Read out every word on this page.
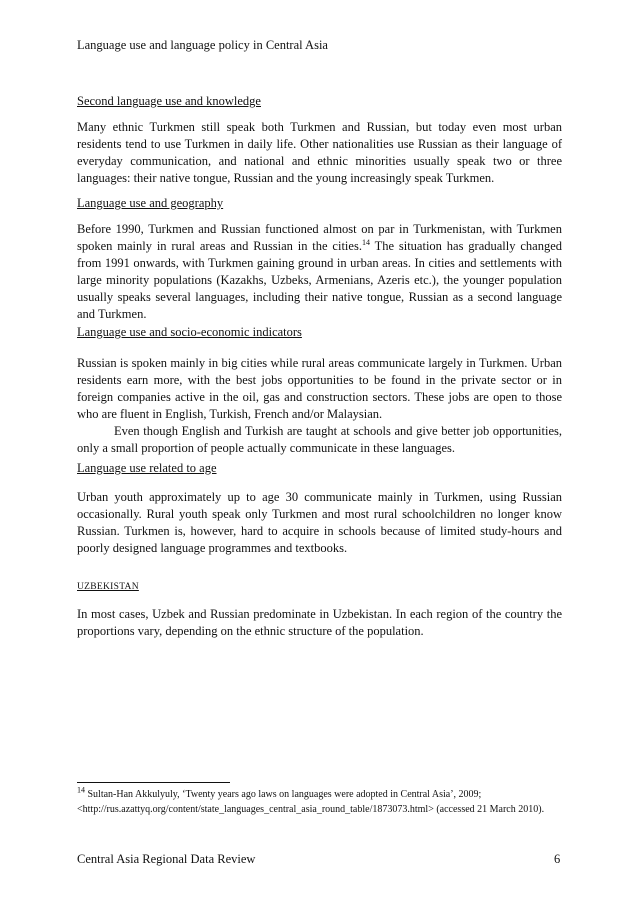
Language use and language policy in Central Asia
Second language use and knowledge

Many ethnic Turkmen still speak both Turkmen and Russian, but today even most urban residents tend to use Turkmen in daily life. Other nationalities use Russian as their language of everyday communication, and national and ethnic minorities usually speak two or three languages: their native tongue, Russian and the young increasingly speak Turkmen.

Language use and geography

Before 1990, Turkmen and Russian functioned almost on par in Turkmenistan, with Turkmen spoken mainly in rural areas and Russian in the cities.$^{14}$ The situation has gradually changed from 1991 onwards, with Turkmen gaining ground in urban areas. In cities and settlements with large minority populations (Kazakhs, Uzbeks, Armenians, Azeris etc.), the younger population usually speaks several languages, including their native tongue, Russian as a second language and Turkmen.

Language use and socio-economic indicators

Russian is spoken mainly in big cities while rural areas communicate largely in Turkmen. Urban residents earn more, with the best jobs opportunities to be found in the private sector or in foreign companies active in the oil, gas and construction sectors. These jobs are open to those who are fluent in English, Turkish, French and/or Malaysian.

Even though English and Turkish are taught at schools and give better job opportunities, only a small proportion of people actually communicate in these languages.

Language use related to age

Urban youth approximately up to age 30 communicate mainly in Turkmen, using Russian occasionally. Rural youth speak only Turkmen and most rural schoolchildren no longer know Russian. Turkmen is, however, hard to acquire in schools because of limited study-hours and poorly designed language programmes and textbooks.

UZBEKISTAN

In most cases, Uzbek and Russian predominate in Uzbekistan. In each region of the country the proportions vary, depending on the ethnic structure of the population.

$^{14}$ Sultan-Han Akkulyuly, ‘Twenty years ago laws on languages were adopted in Central Asia’, 2009; <http://rus.azattyq.org/content/state_languages_central_asia_round_table/1873073.html> (accessed 21 March 2010).

Central Asia Regional Data Review	6
